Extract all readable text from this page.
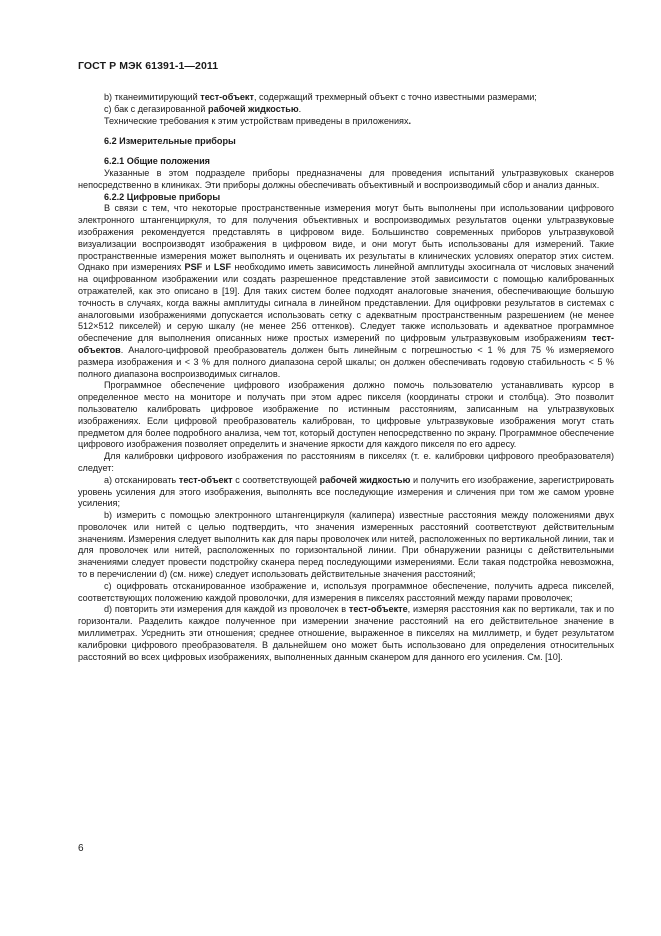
ГОСТ Р МЭК 61391-1—2011

b) тканеимитирующий тест-объект, содержащий трехмерный объект с точно известными размерами;

c) бак с дегазированной рабочей жидкостью.

Технические требования к этим устройствам приведены в приложениях.

6.2 Измерительные приборы

6.2.1 Общие положения

Указанные в этом подразделе приборы предназначены для проведения испытаний ультразвуковых сканеров непосредственно в клиниках. Эти приборы должны обеспечивать объективный и воспроизводимый сбор и анализ данных.

6.2.2 Цифровые приборы

В связи с тем, что некоторые пространственные измерения могут быть выполнены при использовании цифрового электронного штангенциркуля, то для получения объективных и воспроизводимых результатов оценки ультразвуковые изображения рекомендуется представлять в цифровом виде. Большинство современных приборов ультразвуковой визуализации воспроизводят изображения в цифровом виде, и они могут быть использованы для измерений. Такие пространственные измерения может выполнять и оценивать их результаты в клинических условиях оператор этих систем. Однако при измерениях PSF и LSF необходимо иметь зависимость линейной амплитуды эхосигнала от числовых значений на оцифрованном изображении или создать разрешенное представление этой зависимости с помощью калиброванных отражателей, как это описано в [19]. Для таких систем более подходят аналоговые значения, обеспечивающие большую точность в случаях, когда важны амплитуды сигнала в линейном представлении. Для оцифровки результатов в системах с аналоговыми изображениями допускается использовать сетку с адекватным пространственным разрешением (не менее 512×512 пикселей) и серую шкалу (не менее 256 оттенков). Следует также использовать и адекватное программное обеспечение для выполнения описанных ниже простых измерений по цифровым ультразвуковым изображениям тест-объектов. Аналого-цифровой преобразователь должен быть линейным с погрешностью < 1 % для 75 % измеряемого размера изображения и < 3 % для полного диапазона серой шкалы; он должен обеспечивать годовую стабильность < 5 % полного диапазона воспроизводимых сигналов.

Программное обеспечение цифрового изображения должно помочь пользователю устанавливать курсор в определенное место на мониторе и получать при этом адрес пикселя (координаты строки и столбца). Это позволит пользователю калибровать цифровое изображение по истинным расстояниям, записанным на ультразвуковых изображениях. Если цифровой преобразователь калиброван, то цифровые ультразвуковые изображения могут стать предметом для более подробного анализа, чем тот, который доступен непосредственно по экрану. Программное обеспечение цифрового изображения позволяет определить и значение яркости для каждого пикселя по его адресу.

Для калибровки цифрового изображения по расстояниям в пикселях (т. е. калибровки цифрового преобразователя) следует:

a) отсканировать тест-объект с соответствующей рабочей жидкостью и получить его изображение, зарегистрировать уровень усиления для этого изображения, выполнять все последующие измерения и сличения при том же самом уровне усиления;

b) измерить с помощью электронного штангенциркуля (калипера) известные расстояния между положениями двух проволочек или нитей с целью подтвердить, что значения измеренных расстояний соответствуют действительным значениям. Измерения следует выполнить как для пары проволочек или нитей, расположенных по вертикальной линии, так и для проволочек или нитей, расположенных по горизонтальной линии. При обнаружении разницы с действительными значениями следует провести подстройку сканера перед последующими измерениями. Если такая подстройка невозможна, то в перечислении d) (см. ниже) следует использовать действительные значения расстояний;

c) оцифровать отсканированное изображение и, используя программное обеспечение, получить адреса пикселей, соответствующих положению каждой проволочки, для измерения в пикселях расстояний между парами проволочек;

d) повторить эти измерения для каждой из проволочек в тест-объекте, измеряя расстояния как по вертикали, так и по горизонтали. Разделить каждое полученное при измерении значение расстояний на его действительное значение в миллиметрах. Усреднить эти отношения; среднее отношение, выраженное в пикселях на миллиметр, и будет результатом калибровки цифрового преобразователя. В дальнейшем оно может быть использовано для определения относительных расстояний во всех цифровых изображениях, выполненных данным сканером для данного его усиления. См. [10].

6
